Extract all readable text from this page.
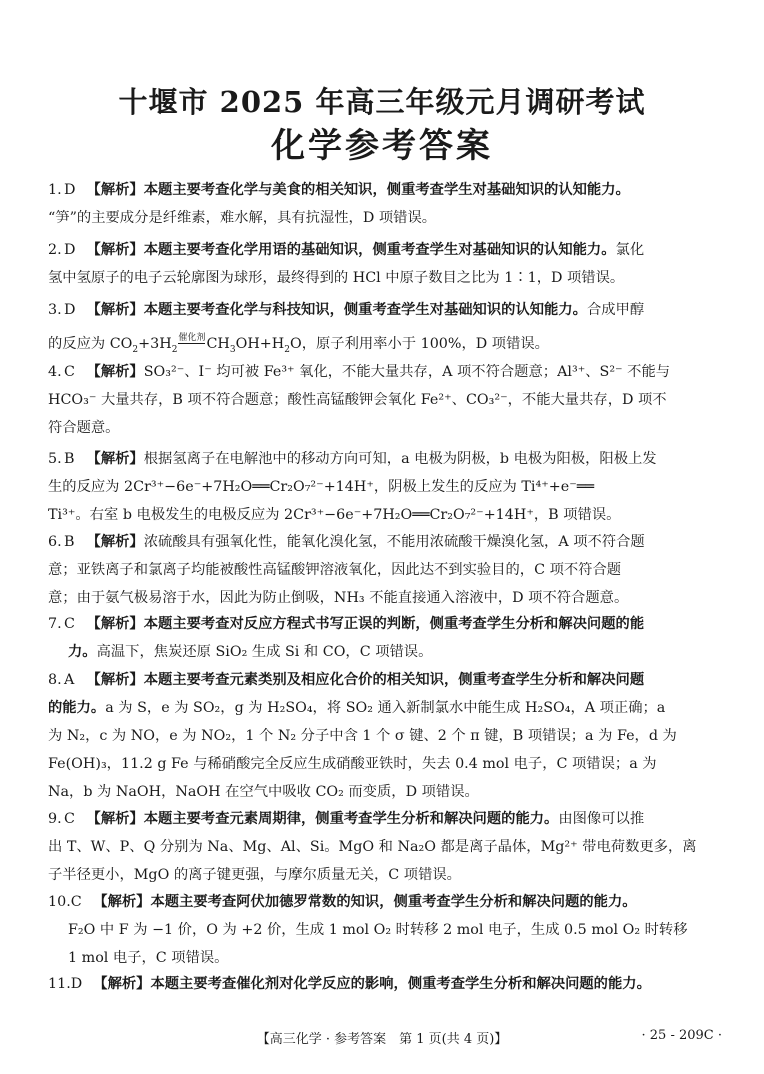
十堰市 2025 年高三年级元月调研考试
化学参考答案
1. D 【解析】本题主要考查化学与美食的相关知识，侧重考查学生对基础知识的认知能力。
“笋”的主要成分是纤维素，难水解，具有抗湿性，D 项错误。
2. D 【解析】本题主要考查化学用语的基础知识，侧重考查学生对基础知识的认知能力。氯化
氢中氢原子的电子云轮廓图为球形，最终得到的 HCl 中原子数目之比为 1∶1，D 项错误。
3. D 【解析】本题主要考查化学与科技知识，侧重考查学生对基础知识的认知能力。合成甲醇
的反应为 $CO_2+3H_2$催化剂$CH_3OH+H_2O$，原子利用率小于 100%，D 项错误。
4. C 【解析】SO₃²⁻、I⁻ 均可被 Fe³⁺ 氧化，不能大量共存，A 项不符合题意；Al³⁺、S²⁻ 不能与
HCO₃⁻ 大量共存，B 项不符合题意；酸性高锰酸钾会氧化 Fe²⁺、CO₃²⁻，不能大量共存，D 项不
符合题意。
5. B 【解析】根据氢离子在电解池中的移动方向可知，a 电极为阴极，b 电极为阳极，阳极上发
生的反应为 2Cr³⁺−6e⁻+7H₂O══Cr₂O₇²⁻+14H⁺，阴极上发生的反应为 Ti⁴⁺+e⁻══
Ti³⁺。右室 b 电极发生的电极反应为 2Cr³⁺−6e⁻+7H₂O══Cr₂O₇²⁻+14H⁺，B 项错误。
6. B 【解析】浓硫酸具有强氧化性，能氧化溴化氢，不能用浓硫酸干燥溴化氢，A 项不符合题
意；亚铁离子和氯离子均能被酸性高锰酸钾溶液氧化，因此达不到实验目的，C 项不符合题
意；由于氨气极易溶于水，因此为防止倒吸，NH₃ 不能直接通入溶液中，D 项不符合题意。
7. C 【解析】本题主要考查对反应方程式书写正误的判断，侧重考查学生分析和解决问题的能
力。高温下，焦炭还原 SiO₂ 生成 Si 和 CO，C 项错误。
8. A 【解析】本题主要考查元素类别及相应化合价的相关知识，侧重考查学生分析和解决问题
的能力。a 为 S，e 为 SO₂，g 为 H₂SO₄，将 SO₂ 通入新制氯水中能生成 H₂SO₄，A 项正确；a
为 N₂，c 为 NO，e 为 NO₂，1 个 N₂ 分子中含 1 个 σ 键、2 个 π 键，B 项错误；a 为 Fe，d 为
Fe(OH)₃，11.2 g Fe 与稀硝酸完全反应生成硝酸亚铁时，失去 0.4 mol 电子，C 项错误；a 为
Na，b 为 NaOH，NaOH 在空气中吸收 CO₂ 而变质，D 项错误。
9. C 【解析】本题主要考查元素周期律，侧重考查学生分析和解决问题的能力。由图像可以推
出 T、W、P、Q 分别为 Na、Mg、Al、Si。MgO 和 Na₂O 都是离子晶体，Mg²⁺ 带电荷数更多，离
子半径更小，MgO 的离子键更强，与摩尔质量无关，C 项错误。
10.C 【解析】本题主要考查阿伏加德罗常数的知识，侧重考查学生分析和解决问题的能力。
F₂O 中 F 为 −1 价，O 为 +2 价，生成 1 mol O₂ 时转移 2 mol 电子，生成 0.5 mol O₂ 时转移
1 mol 电子，C 项错误。
11.D 【解析】本题主要考查催化剂对化学反应的影响，侧重考查学生分析和解决问题的能力。
【高三化学 · 参考答案　第 1 页(共 4 页)】	· 25 - 209C ·
